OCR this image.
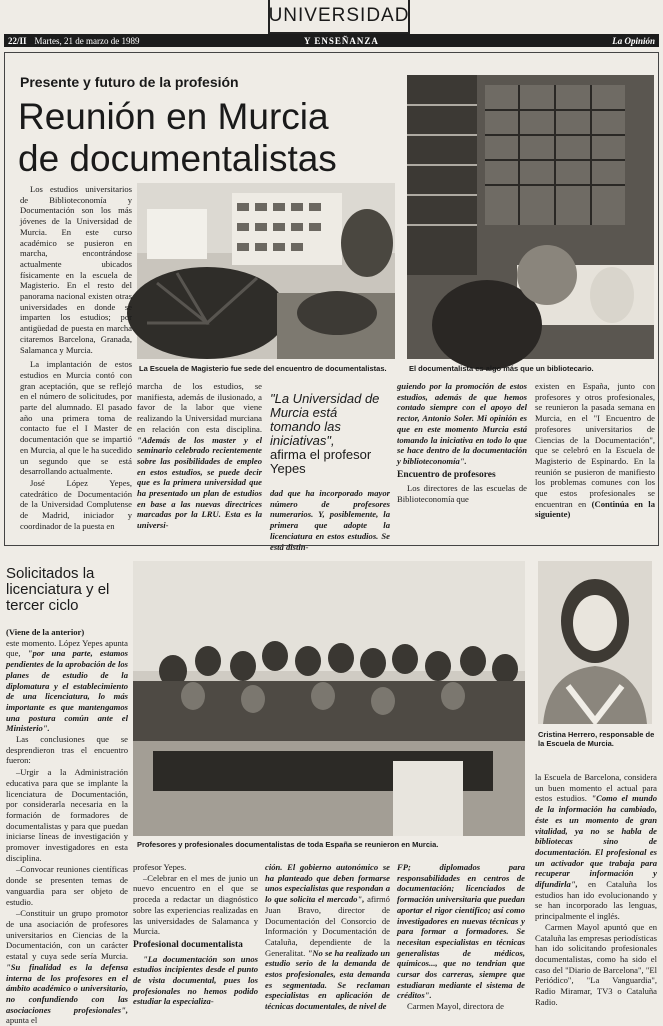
UNIVERSIDAD
22/II Martes, 21 de marzo de 1989	Y ENSEÑANZA	La Opinión
Presente y futuro de la profesión
Reunión en Murcia
de documentalistas
La Escuela de Magisterio fue sede del encuentro de documentalistas.	El documentalista es algo más que un bibliotecario.

Los estudios universitarios de Biblioteconomía y Documentación son los más jóvenes de la Universidad de Murcia. En este curso académico se pusieron en marcha, encontrándose actualmente ubicados físicamente en la escuela de Magisterio. En el resto del panorama nacional existen otras universidades en donde se imparten los estudios; por antigüedad de puesta en marcha citaremos Barcelona, Granada, Salamanca y Murcia.

La implantación de estos estudios en Murcia contó con gran aceptación, que se reflejó en el número de solicitudes, por parte del alumnado. El pasado año una primera toma de contacto fue el I Master de documentación que se impartió en Murcia, al que le ha sucedido un segundo que se está desarrollando actualmente.

José López Yepes, catedrático de Documentación de la Universidad Complutense de Madrid, iniciador y coordinador de la puesta en

marcha de los estudios, se manifiesta, además de ilusionado, a favor de la labor que viene realizando la Universidad murciana en relación con esta disciplina. "Además de los master y el seminario celebrado recientemente sobre las posibilidades de empleo en estos estudios, se puede decir que es la primera universidad que ha presentado un plan de estudios en base a las nuevas directrices marcadas por la LRU. Esta es la universi-
"La Universidad de Murcia está tomando las iniciativas",
afirma el profesor Yepes
dad que ha incorporado mayor número de profesores numerarios. Y, posiblemente, la primera que adopte la licenciatura en estos estudios. Se está distin-
guiendo por la promoción de estos estudios, además de que hemos contado siempre con el apoyo del rector, Antonio Soler. Mi opinión es que en este momento Murcia está tomando la iniciativa en todo lo que se hace dentro de la documentación y biblioteconomía".
Encuentro de profesores

Los directores de las escuelas de Biblioteconomía que

existen en España, junto con profesores y otros profesionales, se reunieron la pasada semana en Murcia, en el "I Encuentro de profesores universitarios de Ciencias de la Documentación", que se celebró en la Escuela de Magisterio de Espinardo. En la reunión se pusieron de manifiesto los problemas comunes con los que estos profesionales se encuentran en (Continúa en la siguiente)
Solicitados la licenciatura y el tercer ciclo
Profesores y profesionales documentalistas de toda España se reunieron en Murcia.
Cristina Herrero, responsable de la Escuela de Murcia.
(Viene de la anterior)
este momento. López Yepes apunta que, "por una parte, estamos pendientes de la aprobación de los planes de estudio de la diplomatura y el establecimiento de una licenciatura, lo más importante es que mantengamos una postura común ante el Ministerio".

Las conclusiones que se desprendieron tras el encuentro fueron:

–Urgir a la Administración educativa para que se implante la licenciatura de Documentación, por considerarla necesaria en la formación de formadores de documentalistas y para que puedan iniciarse líneas de investigación y promover investigadores en esta disciplina.

–Convocar reuniones científicas donde se presenten temas de vanguardia para ser objeto de estudio.

–Constituir un grupo promotor de una asociación de profesores universitarios en Ciencias de la Documentación, con un carácter estatal y cuya sede sería Murcia. "Su finalidad es la defensa interna de los profesores en el ámbito académico o universitario, no confundiendo con las asociaciones profesionales", apunta el

profesor Yepes.

–Celebrar en el mes de junio un nuevo encuentro en el que se proceda a redactar un diagnóstico sobre las experiencias realizadas en las universidades de Salamanca y Murcia.

Profesional documentalista

"La documentación son unos estudios incipientes desde el punto de vista documental, pues los profesionales no hemos podido estudiar la especializa-

ción. El gobierno autonómico se ha planteado que deben formarse unos especialistas que respondan a lo que solicita el mercado", afirmó Juan Bravo, director de Documentación del Consorcio de Información y Documentación de Cataluña, dependiente de la Generalitat. "No se ha realizado un estudio serio de la demanda de estos profesionales, esta demanda es segmentada. Se reclaman especialistas en aplicación de técnicas documentales, de nivel de
FP; diplomados para responsabilidades en centros de documentación; licenciados de formación universitaria que puedan aportar el rigor científico; así como investigadores en nuevas técnicas y para formar a formadores. Se necesitan especialistas en técnicas generalistas de médicos, químicos..., que no tendrían que cursar dos carreras, siempre que estudiaran mediante el sistema de créditos".

Carmen Mayol, directora de

la Escuela de Barcelona, considera un buen momento el actual para estos estudios. "Como el mundo de la información ha cambiado, éste es un momento de gran vitalidad, ya no se habla de bibliotecas sino de documentación. El profesional es un activador que trabaja para recuperar información y difundirla", en Cataluña los estudios han ido evolucionando y se han incorporado las lenguas, principalmente el inglés.

Carmen Mayol apuntó que en Cataluña las empresas periodísticas han ido solicitando profesionales documentalistas, como ha sido el caso del "Diario de Barcelona", "El Periódico", "La Vanguardia", Radio Miramar, TV3 o Cataluña Radio.
